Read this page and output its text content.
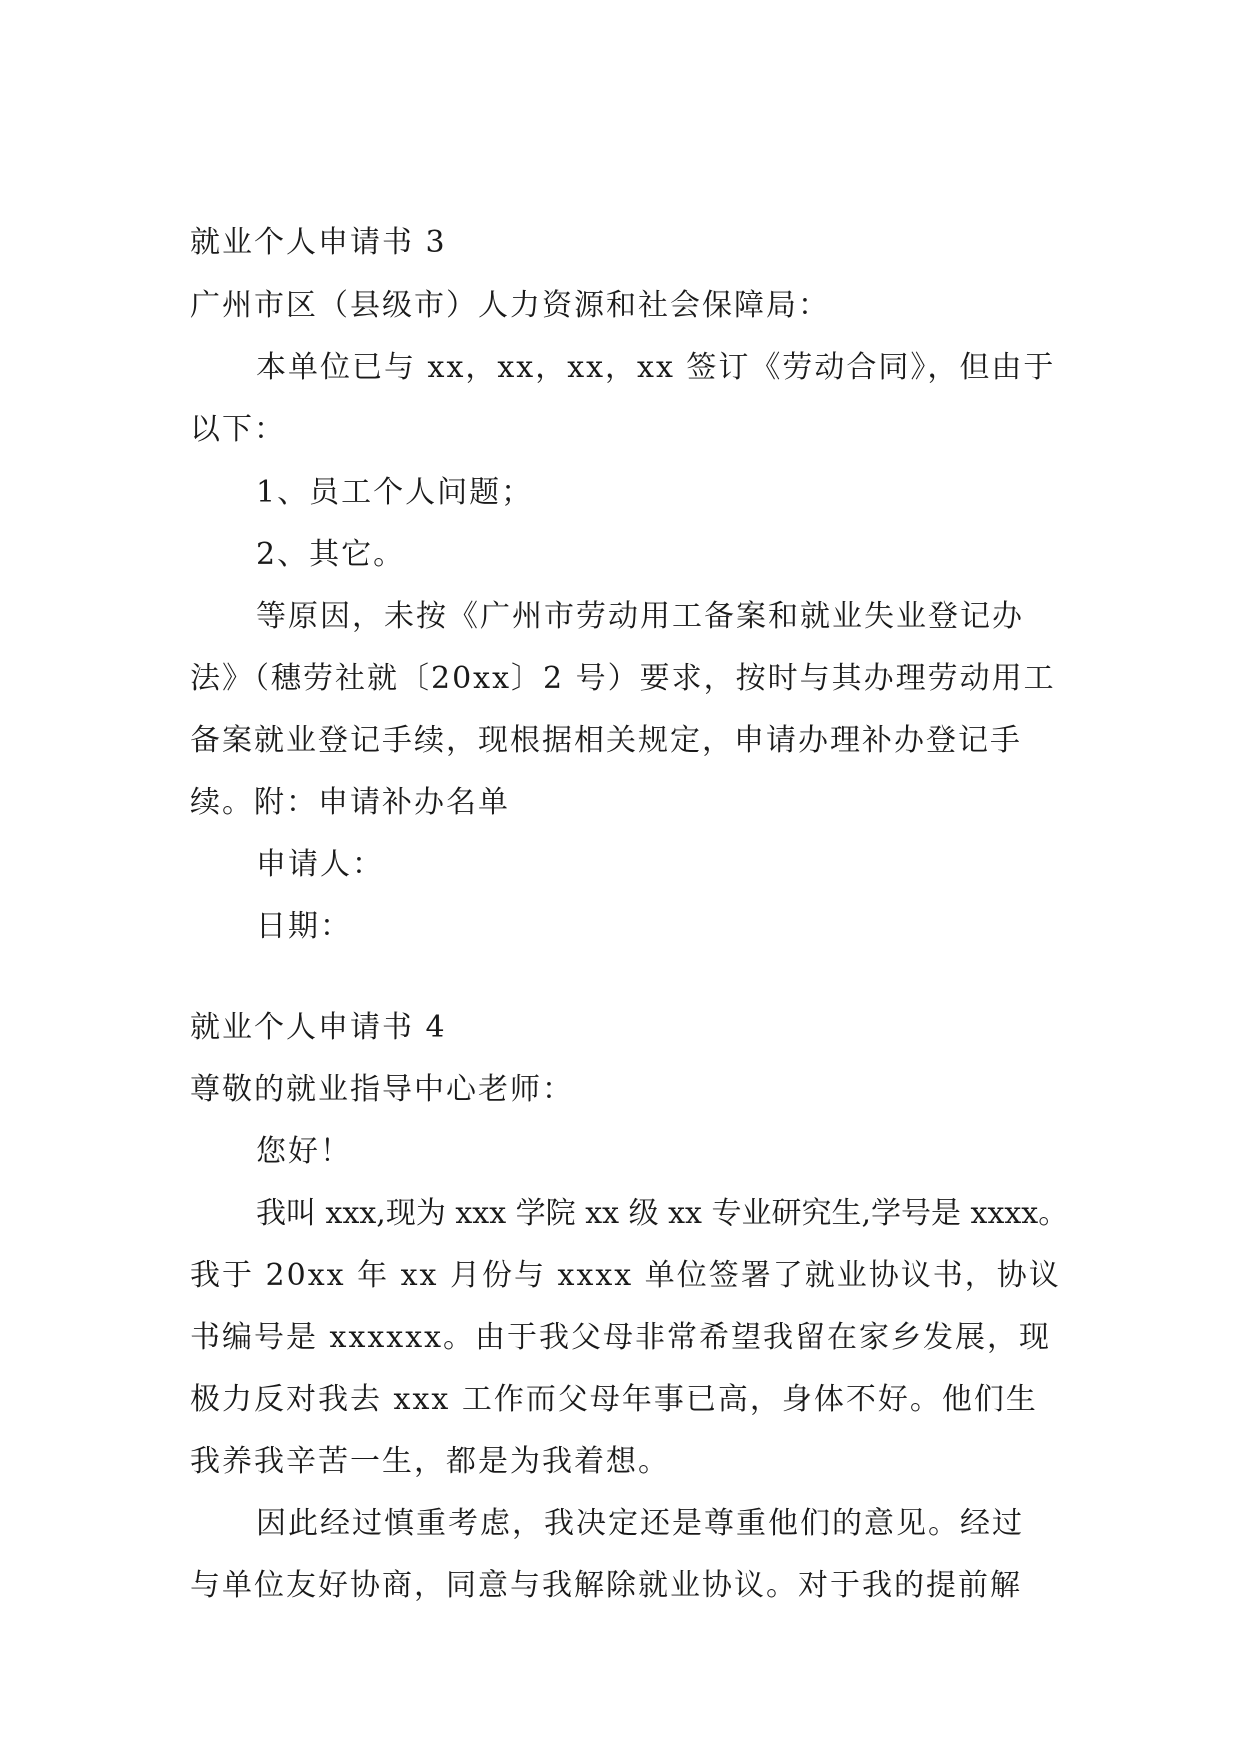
就业个人申请书 3
广州市区（县级市）人力资源和社会保障局：
本单位已与 xx，xx，xx，xx 签订《劳动合同》，但由于
以下：
1、员工个人问题；
2、其它。
等原因，未按《广州市劳动用工备案和就业失业登记办
法》（穗劳社就〔20xx〕2 号）要求，按时与其办理劳动用工
备案就业登记手续，现根据相关规定，申请办理补办登记手
续。附：申请补办名单
申请人：
日期：
就业个人申请书 4
尊敬的就业指导中心老师：
您好！
我叫 xxx,现为 xxx 学院 xx 级 xx 专业研究生,学号是 xxxx。
我于 20xx 年 xx 月份与 xxxx 单位签署了就业协议书，协议
书编号是 xxxxxx。由于我父母非常希望我留在家乡发展，现
极力反对我去 xxx 工作而父母年事已高，身体不好。他们生
我养我辛苦一生，都是为我着想。
因此经过慎重考虑，我决定还是尊重他们的意见。经过
与单位友好协商，同意与我解除就业协议。对于我的提前解
